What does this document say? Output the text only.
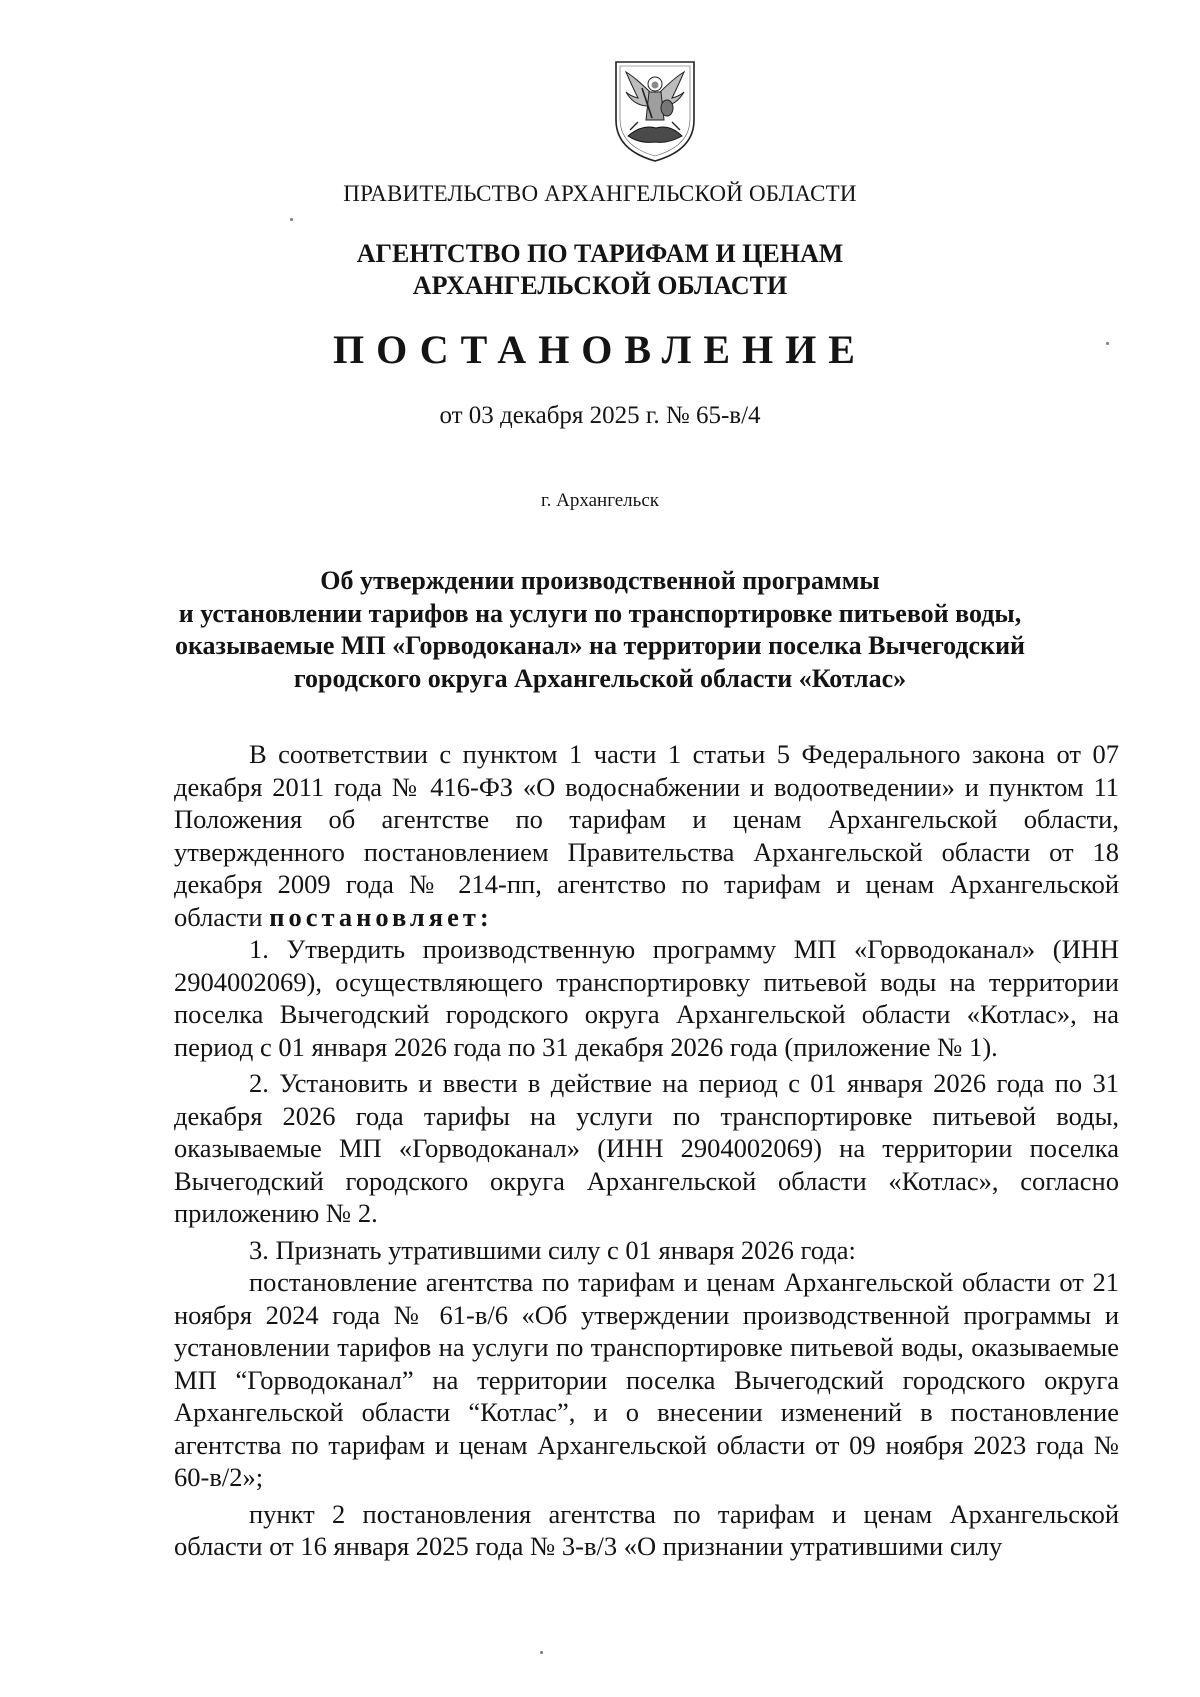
ПРАВИТЕЛЬСТВО АРХАНГЕЛЬСКОЙ ОБЛАСТИ
АГЕНТСТВО ПО ТАРИФАМ И ЦЕНАМ
АРХАНГЕЛЬСКОЙ ОБЛАСТИ
ПОСТАНОВЛЕНИЕ
от 03 декабря 2025 г. № 65-в/4
г. Архангельск
Об утверждении производственной программы
и установлении тарифов на услуги по транспортировке питьевой воды,
оказываемые МП «Горводоканал» на территории поселка Вычегодский
городского округа Архангельской области «Котлас»

В соответствии с пунктом 1 части 1 статьи 5 Федерального закона от 07 декабря 2011 года № 416-ФЗ «О водоснабжении и водоотведении» и пунктом 11 Положения об агентстве по тарифам и ценам Архангельской области, утвержденного постановлением Правительства Архангельской области от 18 декабря 2009 года № 214-пп, агентство по тарифам и ценам Архангельской области постановляет:

1. Утвердить производственную программу МП «Горводоканал» (ИНН 2904002069), осуществляющего транспортировку питьевой воды на территории поселка Вычегодский городского округа Архангельской области «Котлас», на период с 01 января 2026 года по 31 декабря 2026 года (приложение № 1).

2. Установить и ввести в действие на период с 01 января 2026 года по 31 декабря 2026 года тарифы на услуги по транспортировке питьевой воды, оказываемые МП «Горводоканал» (ИНН 2904002069) на территории поселка Вычегодский городского округа Архангельской области «Котлас», согласно приложению № 2.

3. Признать утратившими силу с 01 января 2026 года:

постановление агентства по тарифам и ценам Архангельской области от 21 ноября 2024 года № 61-в/6 «Об утверждении производственной программы и установлении тарифов на услуги по транспортировке питьевой воды, оказываемые МП “Горводоканал” на территории поселка Вычегодский городского округа Архангельской области “Котлас”, и о внесении изменений в постановление агентства по тарифам и ценам Архангельской области от 09 ноября 2023 года № 60-в/2»;

пункт 2 постановления агентства по тарифам и ценам Архангельской области от 16 января 2025 года № 3-в/3 «О признании утратившими силу
